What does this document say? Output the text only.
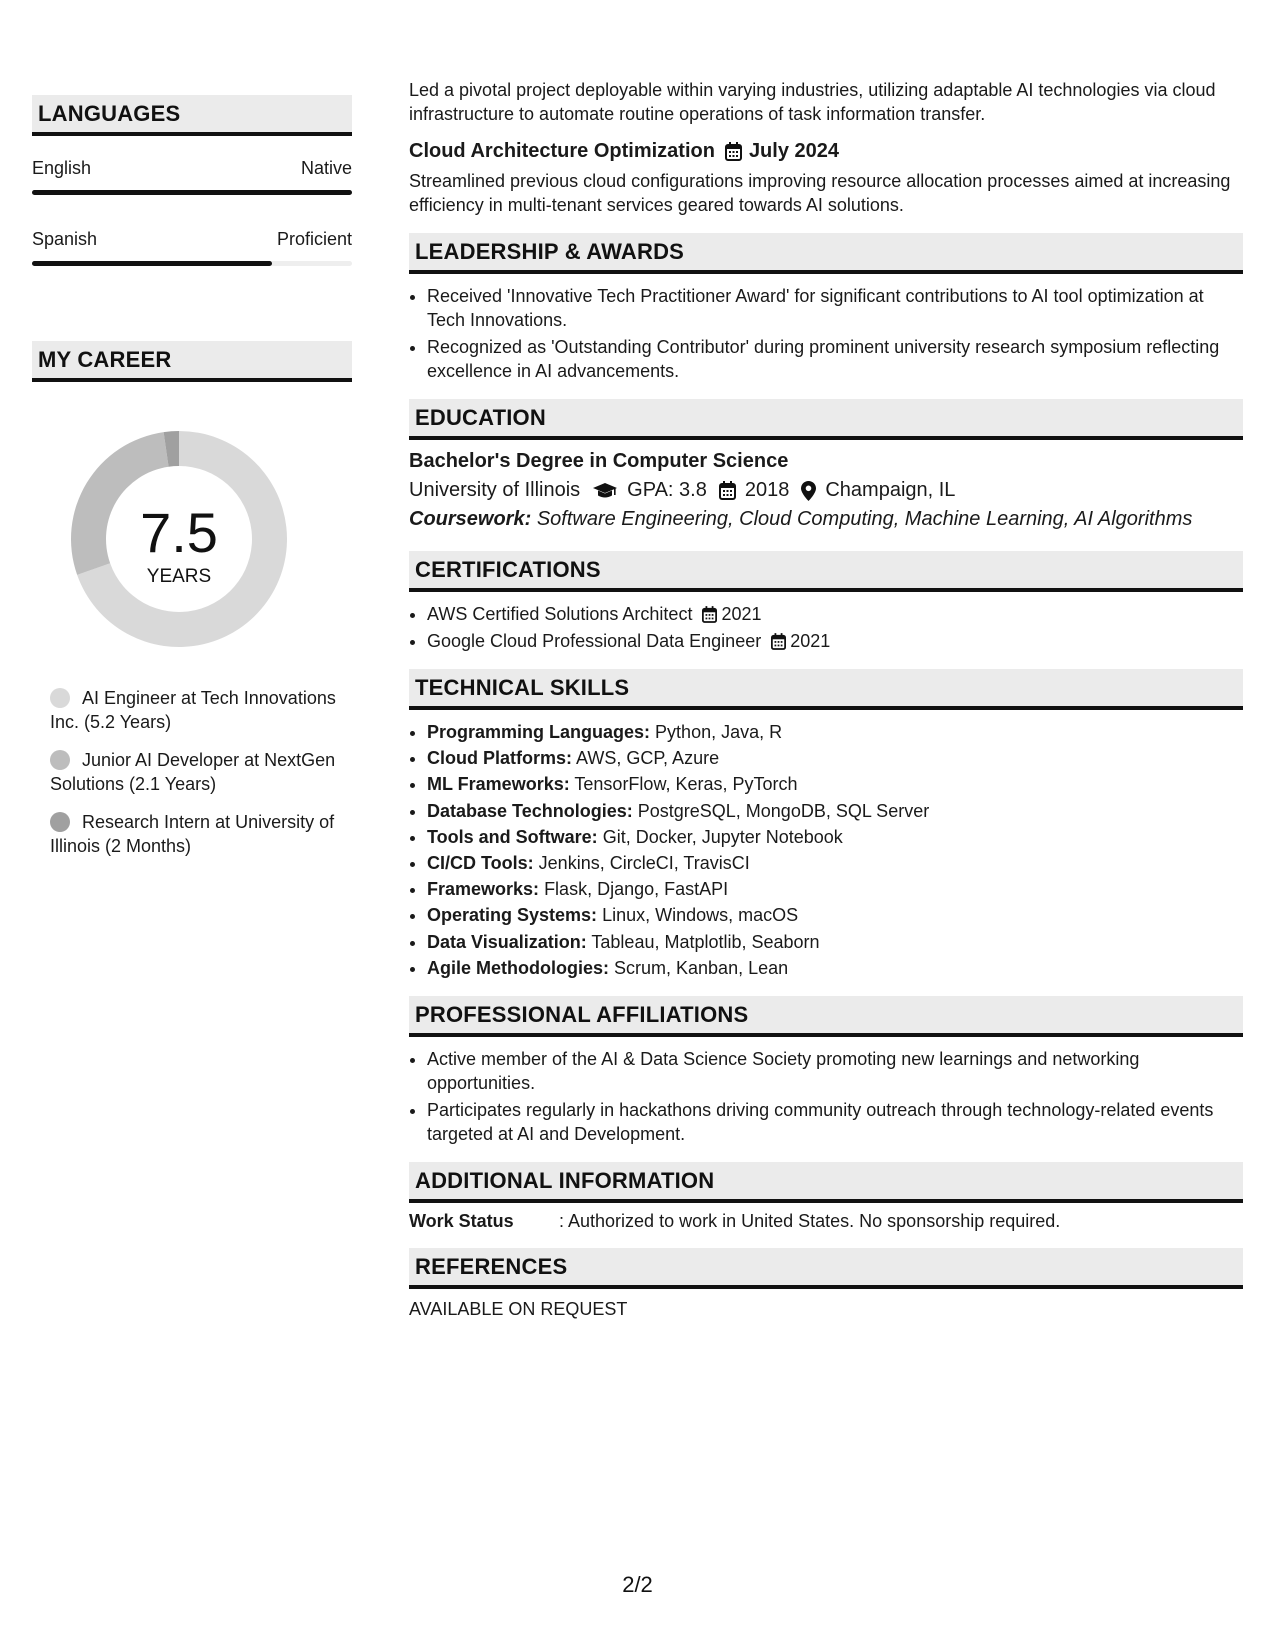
LANGUAGES
English	Native
Spanish	Proficient
MY CAREER
7.5
YEARS
AI Engineer at Tech Innovations Inc. (5.2 Years)
Junior AI Developer at NextGen Solutions (2.1 Years)
Research Intern at University of Illinois (2 Months)

Led a pivotal project deployable within varying industries, utilizing adaptable AI technologies via cloud infrastructure to automate routine operations of task information transfer.

Cloud Architecture Optimization July 2024

Streamlined previous cloud configurations improving resource allocation processes aimed at increasing efficiency in multi-tenant services geared towards AI solutions.

LEADERSHIP & AWARDS
• Received 'Innovative Tech Practitioner Award' for significant contributions to AI tool optimization at Tech Innovations.
• Recognized as 'Outstanding Contributor' during prominent university research symposium reflecting excellence in AI advancements.
EDUCATION
Bachelor's Degree in Computer Science
University of Illinois GPA: 3.8 2018 Champaign, IL
Coursework: Software Engineering, Cloud Computing, Machine Learning, AI Algorithms
CERTIFICATIONS
• AWS Certified Solutions Architect 2021
• Google Cloud Professional Data Engineer 2021
TECHNICAL SKILLS
• Programming Languages: Python, Java, R
• Cloud Platforms: AWS, GCP, Azure
• ML Frameworks: TensorFlow, Keras, PyTorch
• Database Technologies: PostgreSQL, MongoDB, SQL Server
• Tools and Software: Git, Docker, Jupyter Notebook
• CI/CD Tools: Jenkins, CircleCI, TravisCI
• Frameworks: Flask, Django, FastAPI
• Operating Systems: Linux, Windows, macOS
• Data Visualization: Tableau, Matplotlib, Seaborn
• Agile Methodologies: Scrum, Kanban, Lean
PROFESSIONAL AFFILIATIONS
• Active member of the AI & Data Science Society promoting new learnings and networking opportunities.
• Participates regularly in hackathons driving community outreach through technology-related events targeted at AI and Development.
ADDITIONAL INFORMATION
Work Status	: Authorized to work in United States. No sponsorship required.
REFERENCES
AVAILABLE ON REQUEST
2/2
